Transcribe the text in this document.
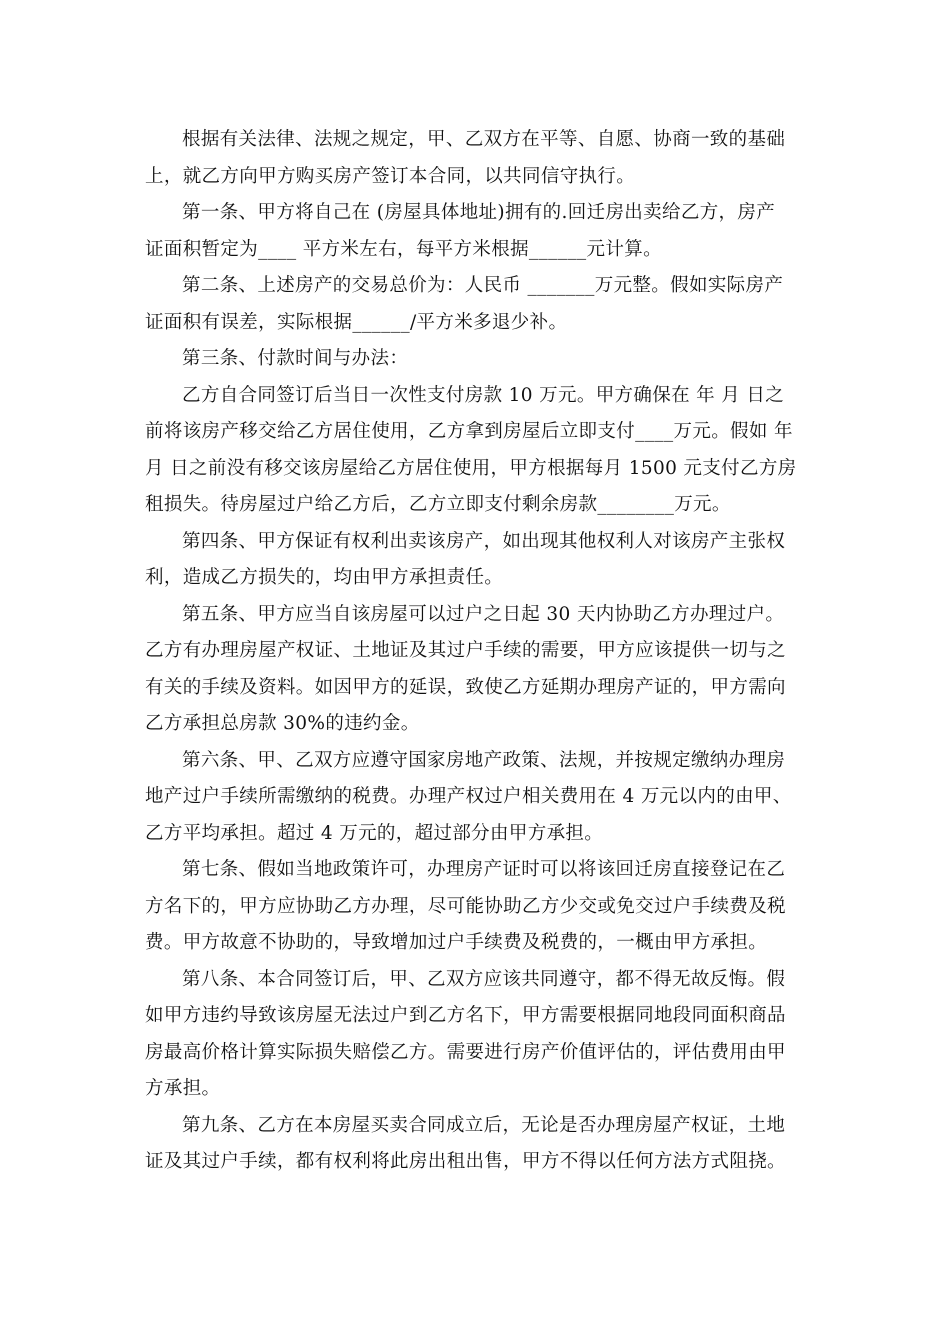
根据有关法律、法规之规定，甲、乙双方在平等、自愿、协商一致的基础
上，就乙方向甲方购买房产签订本合同，以共同信守执行。

第一条、甲方将自己在 (房屋具体地址)拥有的.回迁房出卖给乙方，房产
证面积暂定为____ 平方米左右，每平方米根据______元计算。

第二条、上述房产的交易总价为：人民币 _______万元整。假如实际房产
证面积有误差，实际根据______/平方米多退少补。

第三条、付款时间与办法：

乙方自合同签订后当日一次性支付房款 10 万元。甲方确保在 年 月 日之
前将该房产移交给乙方居住使用，乙方拿到房屋后立即支付____万元。假如 年
月 日之前没有移交该房屋给乙方居住使用，甲方根据每月 1500 元支付乙方房
租损失。待房屋过户给乙方后，乙方立即支付剩余房款________万元。

第四条、甲方保证有权利出卖该房产，如出现其他权利人对该房产主张权
利，造成乙方损失的，均由甲方承担责任。

第五条、甲方应当自该房屋可以过户之日起 30 天内协助乙方办理过户。
乙方有办理房屋产权证、土地证及其过户手续的需要，甲方应该提供一切与之
有关的手续及资料。如因甲方的延误，致使乙方延期办理房产证的，甲方需向
乙方承担总房款 30%的违约金。

第六条、甲、乙双方应遵守国家房地产政策、法规，并按规定缴纳办理房
地产过户手续所需缴纳的税费。办理产权过户相关费用在 4 万元以内的由甲、
乙方平均承担。超过 4 万元的，超过部分由甲方承担。

第七条、假如当地政策许可，办理房产证时可以将该回迁房直接登记在乙
方名下的，甲方应协助乙方办理，尽可能协助乙方少交或免交过户手续费及税
费。甲方故意不协助的，导致增加过户手续费及税费的，一概由甲方承担。

第八条、本合同签订后，甲、乙双方应该共同遵守，都不得无故反悔。假
如甲方违约导致该房屋无法过户到乙方名下，甲方需要根据同地段同面积商品
房最高价格计算实际损失赔偿乙方。需要进行房产价值评估的，评估费用由甲
方承担。

第九条、乙方在本房屋买卖合同成立后，无论是否办理房屋产权证，土地
证及其过户手续，都有权利将此房出租出售，甲方不得以任何方法方式阻挠。
